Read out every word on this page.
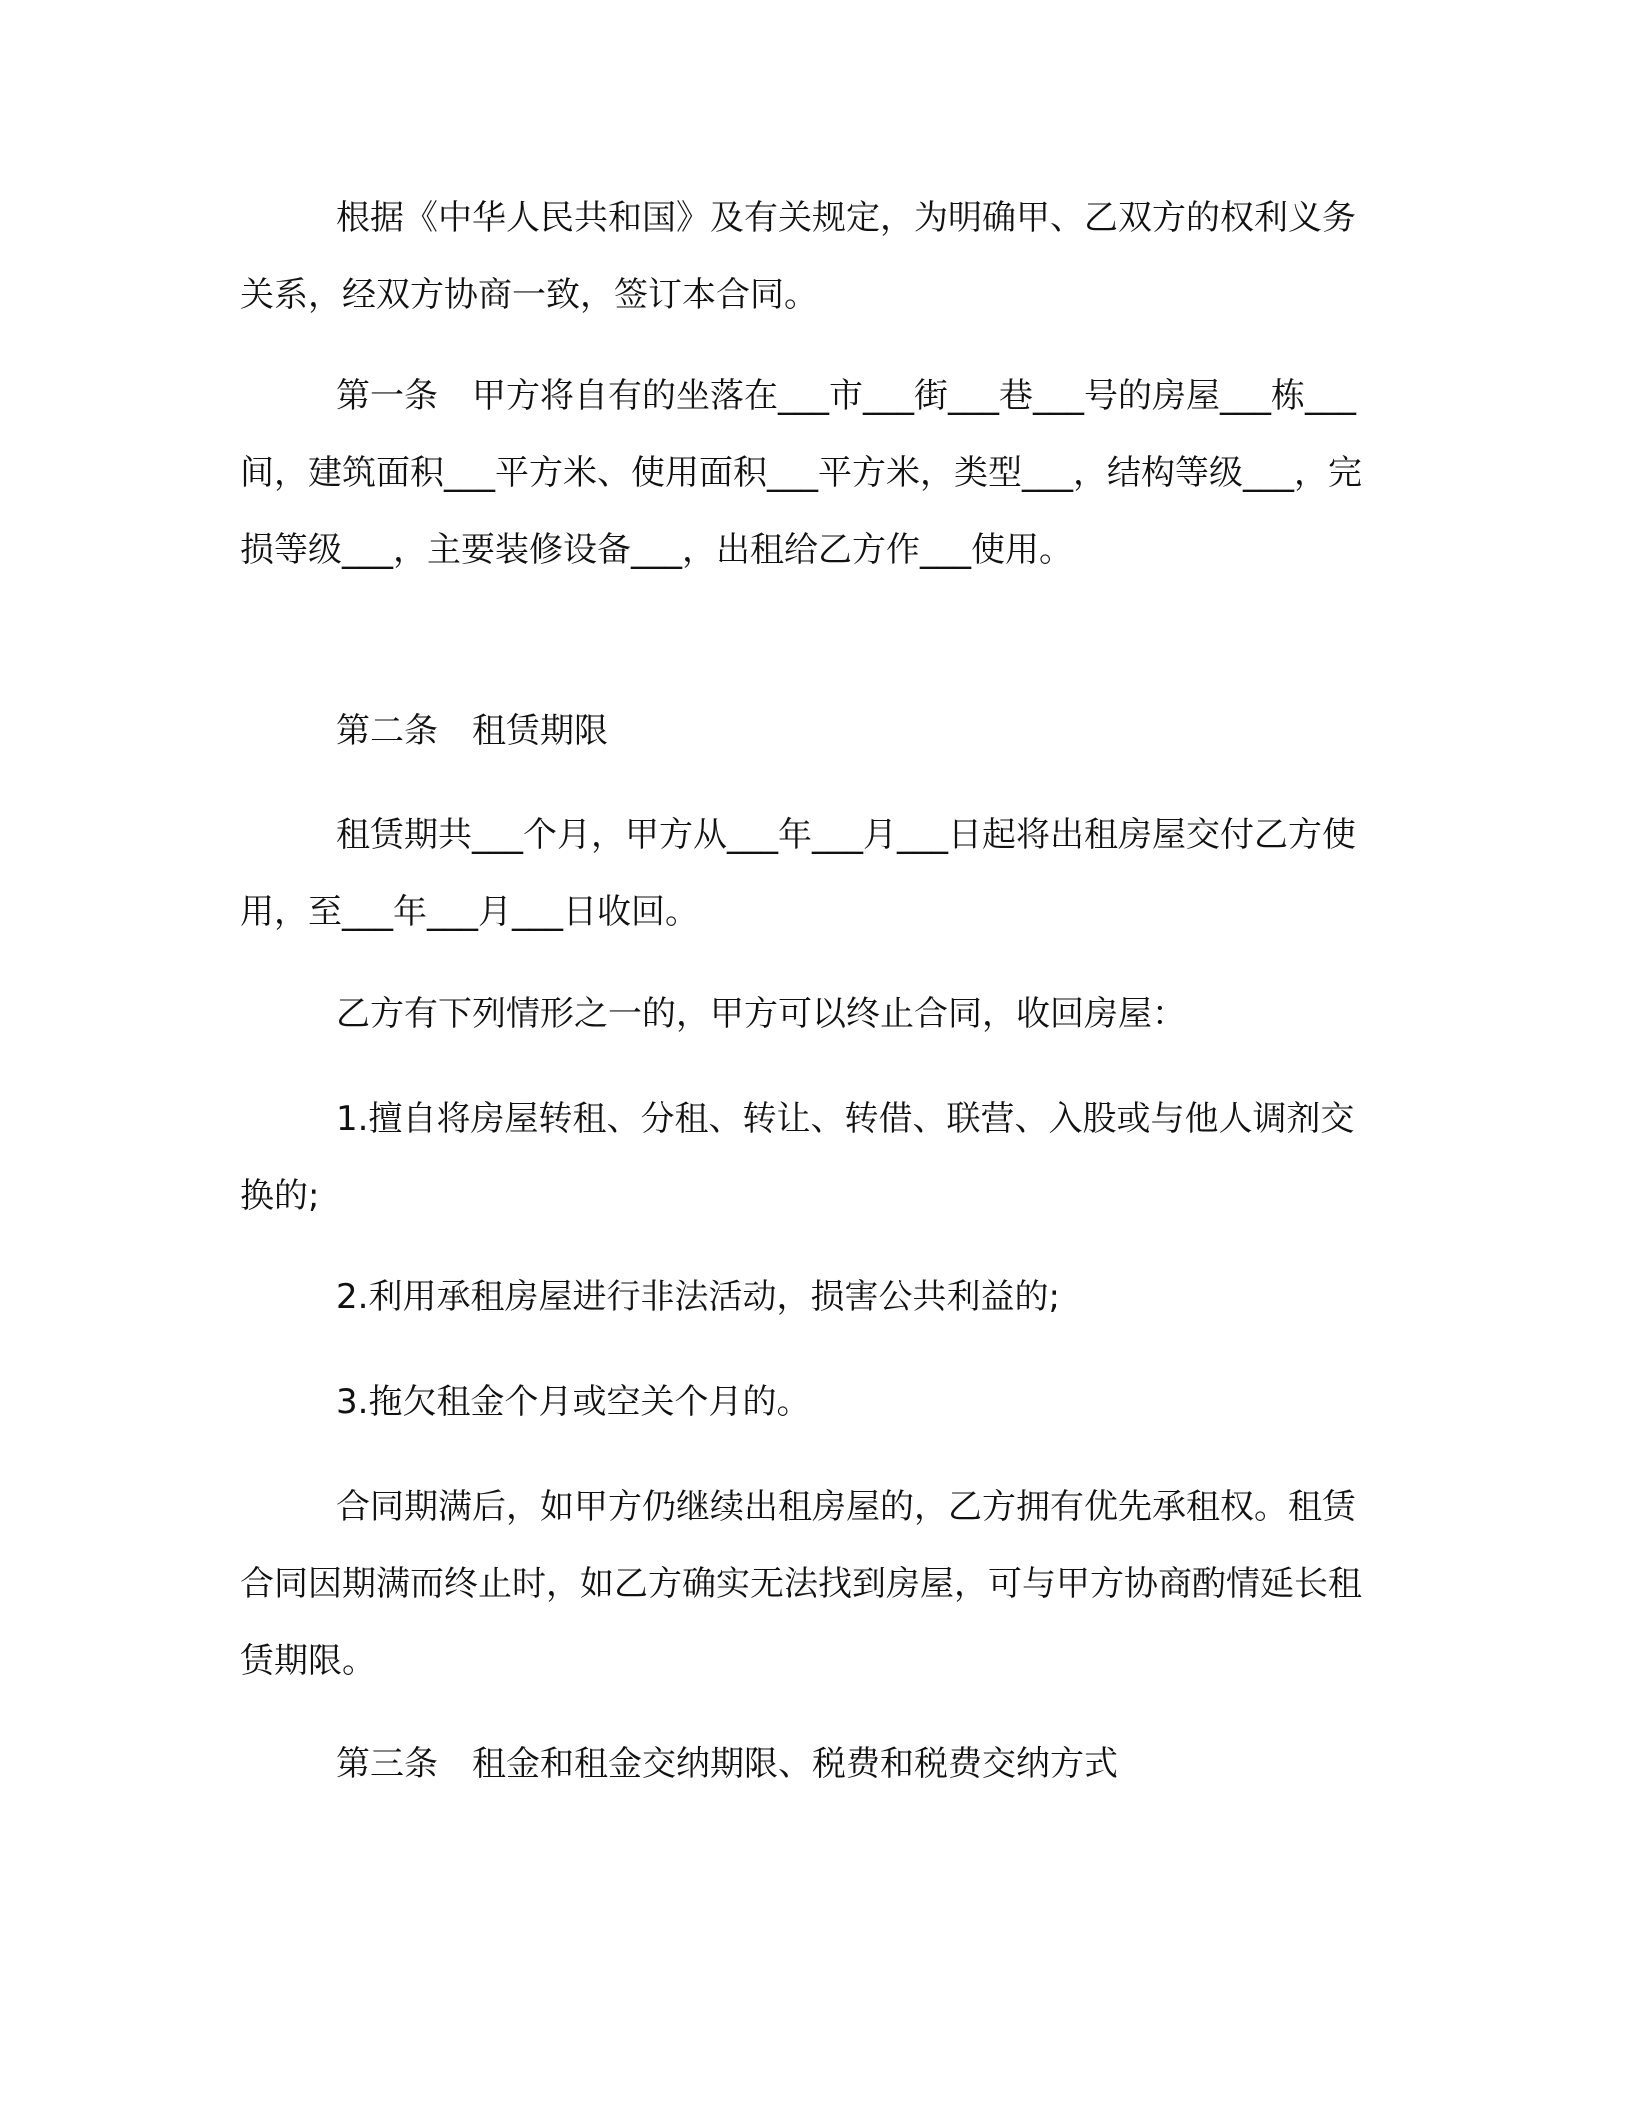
根据《中华人民共和国》及有关规定，为明确甲、乙双方的权利义务关系，经双方协商一致，签订本合同。
第一条　甲方将自有的坐落在___市___街___巷___号的房屋___栋___间，建筑面积___平方米、使用面积___平方米，类型___，结构等级___，完损等级___，主要装修设备___，出租给乙方作___使用。
第二条　租赁期限
租赁期共___个月，甲方从___年___月___日起将出租房屋交付乙方使用，至___年___月___日收回。
乙方有下列情形之一的，甲方可以终止合同，收回房屋：
1.擅自将房屋转租、分租、转让、转借、联营、入股或与他人调剂交换的;
2.利用承租房屋进行非法活动，损害公共利益的;
3.拖欠租金个月或空关个月的。
合同期满后，如甲方仍继续出租房屋的，乙方拥有优先承租权。租赁合同因期满而终止时，如乙方确实无法找到房屋，可与甲方协商酌情延长租赁期限。
第三条　租金和租金交纳期限、税费和税费交纳方式
